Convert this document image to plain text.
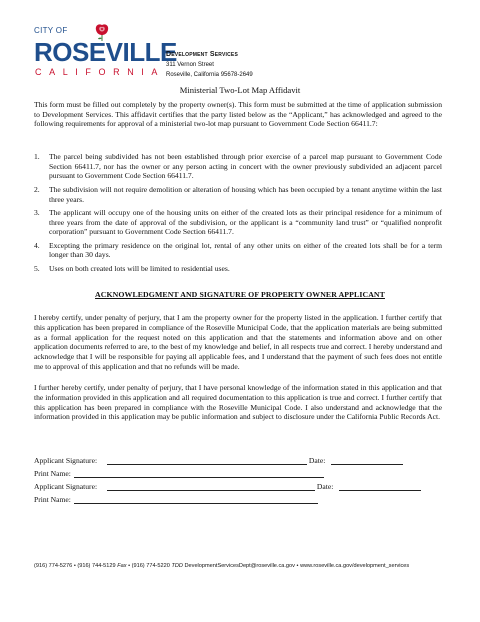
CITY OF
ROSEVILLE
CALIFORNIA
Development Services
311 Vernon Street
Roseville, California 95678-2649
Ministerial Two-Lot Map Affidavit

This form must be filled out completely by the property owner(s). This form must be submitted at the time of application submission to Development Services. This affidavit certifies that the party listed below as the “Applicant,” has acknowledged and agreed to the following requirements for approval of a ministerial two-lot map pursuant to Government Code Section 66411.7:

1. The parcel being subdivided has not been established through prior exercise of a parcel map pursuant to Government Code Section 66411.7, nor has the owner or any person acting in concert with the owner previously subdivided an adjacent parcel pursuant to Government Code Section 66411.7.
2. The subdivision will not require demolition or alteration of housing which has been occupied by a tenant anytime within the last three years.
3. The applicant will occupy one of the housing units on either of the created lots as their principal residence for a minimum of three years from the date of approval of the subdivision, or the applicant is a “community land trust” or “qualified nonprofit corporation” pursuant to Government Code Section 66411.7.
4. Excepting the primary residence on the original lot, rental of any other units on either of the created lots shall be for a term longer than 30 days.
5. Uses on both created lots will be limited to residential uses.
ACKNOWLEDGMENT AND SIGNATURE OF PROPERTY OWNER APPLICANT

I hereby certify, under penalty of perjury, that I am the property owner for the property listed in the application. I further certify that this application has been prepared in compliance of the Roseville Municipal Code, that the application materials are being submitted as a formal application for the request noted on this application and that the statements and information above and on other application documents referred to are, to the best of my knowledge and belief, in all respects true and correct. I hereby understand and acknowledge that I will be responsible for paying all applicable fees, and I understand that the payment of such fees does not entitle me to approval of this application and that no refunds will be made.

I further hereby certify, under penalty of perjury, that I have personal knowledge of the information stated in this application and that the information provided in this application and all required documentation to this application is true and correct. I further certify that this application has been prepared in compliance with the Roseville Municipal Code. I also understand and acknowledge that the information provided in this application may be public information and subject to disclosure under the California Public Records Act.

Applicant Signature:	Date:
Print Name:
Applicant Signature:	Date:
Print Name:
(916) 774-5276 • (916) 744-5129 Fax • (916) 774-5220 TDD DevelopmentServicesDept@roseville.ca.gov • www.roseville.ca.gov/development_services
